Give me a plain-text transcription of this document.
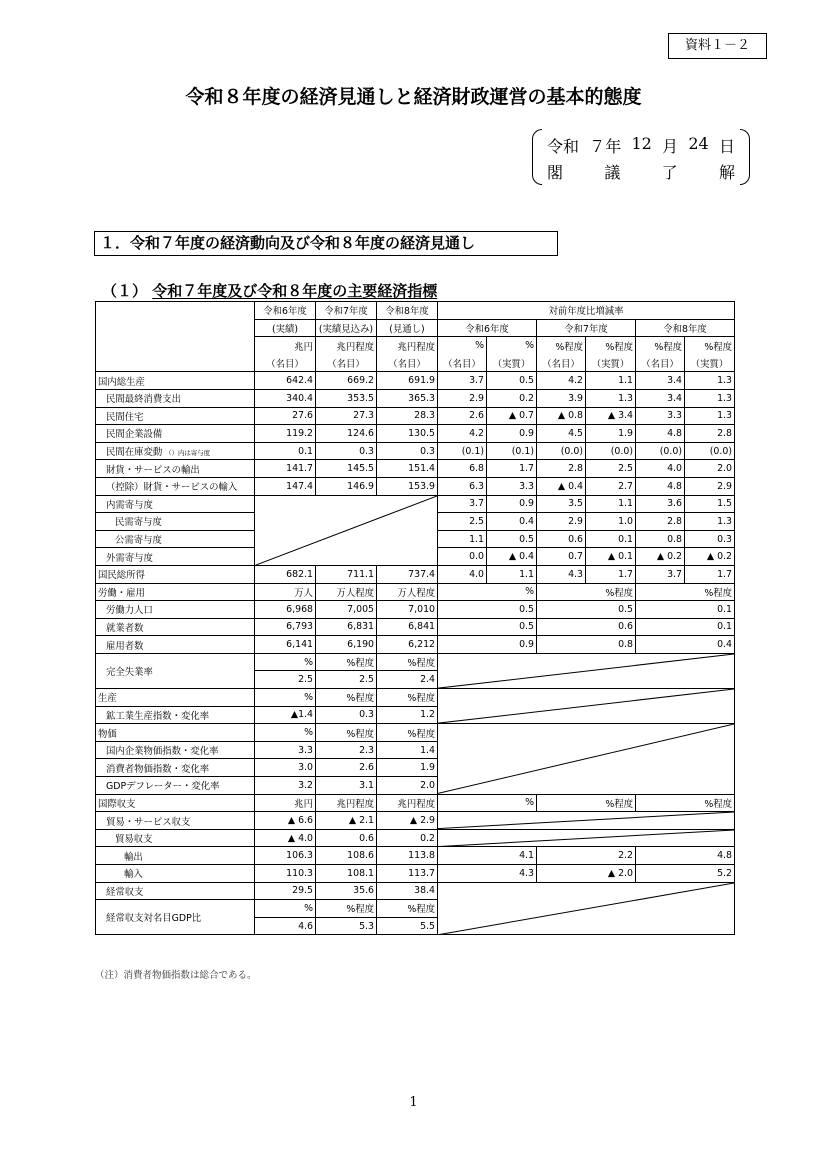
資料１－２
令和８年度の経済見通しと経済財政運営の基本的態度
令和 ７年 12 月 24 日
閣	議	了	解
１．令和７年度の経済動向及び令和８年度の経済見通し
（１） 令和７年度及び令和８年度の主要経済指標
	令和6年度	令和7年度	令和8年度	対前年度比増減率					
	(実績)	(実績見込み)	(見通し)	令和6年度		令和7年度		令和8年度	
	兆円	兆円程度	兆円程度	%	%	%程度	%程度	%程度	%程度
	（名目）	（名目）	（名目）	（名目）	（実質）	（名目）	（実質）	（名目）	（実質）
国内総生産	642.4	669.2	691.9	3.7	0.5	4.2	1.1	3.4	1.3
民間最終消費支出	340.4	353.5	365.3	2.9	0.2	3.9	1.3	3.4	1.3
民間住宅	27.6	27.3	28.3	2.6	▲ 0.7	▲ 0.8	▲ 3.4	3.3	1.3
民間企業設備	119.2	124.6	130.5	4.2	0.9	4.5	1.9	4.8	2.8
民間在庫変動 （）内は寄与度	0.1	0.3	0.3	(0.1)	(0.1)	(0.0)	(0.0)	(0.0)	(0.0)
財貨・サービスの輸出	141.7	145.5	151.4	6.8	1.7	2.8	2.5	4.0	2.0
（控除）財貨・サービスの輸入	147.4	146.9	153.9	6.3	3.3	▲ 0.4	2.7	4.8	2.9
内需寄与度				3.7	0.9	3.5	1.1	3.6	1.5
民需寄与度				2.5	0.4	2.9	1.0	2.8	1.3
公需寄与度				1.1	0.5	0.6	0.1	0.8	0.3
外需寄与度				0.0	▲ 0.4	0.7	▲ 0.1	▲ 0.2	▲ 0.2
国民総所得	682.1	711.1	737.4	4.0	1.1	4.3	1.7	3.7	1.7
労働・雇用	万人	万人程度	万人程度	%		%程度		%程度	
労働力人口	6,968	7,005	7,010	0.5		0.5		0.1	
就業者数	6,793	6,831	6,841	0.5		0.6		0.1	
雇用者数	6,141	6,190	6,212	0.9		0.8		0.4	
完全失業率	%	%程度	%程度	

	2.5	2.5	2.4						
生産	%	%程度	%程度	

鉱工業生産指数・変化率	▲1.4	0.3	1.2						
物価	%	%程度	%程度	

国内企業物価指数・変化率	3.3	2.3	1.4						
消費者物価指数・変化率	3.0	2.6	1.9						
GDPデフレーター・変化率	3.2	3.1	2.0						
国際収支	兆円	兆円程度	兆円程度	%		%程度		%程度	
貿易・サービス収支	▲ 6.6	▲ 2.1	▲ 2.9	

貿易収支	▲ 4.0	0.6	0.2	

輸出	106.3	108.6	113.8	4.1		2.2		4.8	
輸入	110.3	108.1	113.7	4.3		▲ 2.0		5.2	
経常収支	29.5	35.6	38.4	

経常収支対名目GDP比	%	%程度	%程度						
	4.6	5.3	5.5						
（注）消費者物価指数は総合である。
1
